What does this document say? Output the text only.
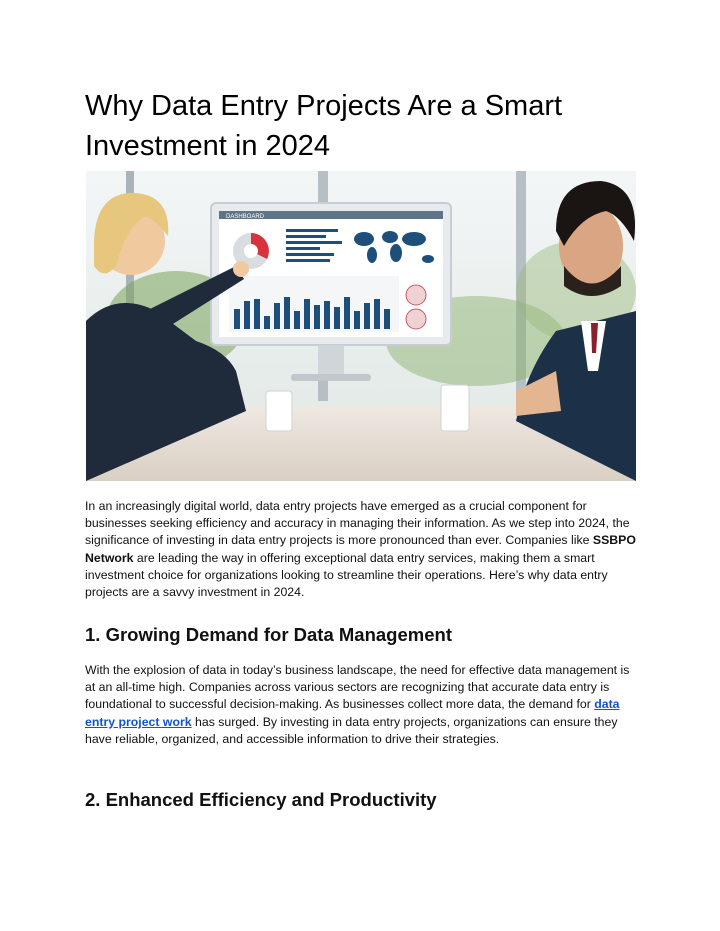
Why Data Entry Projects Are a Smart Investment in 2024
DASHBOARD

In an increasingly digital world, data entry projects have emerged as a crucial component for businesses seeking efficiency and accuracy in managing their information. As we step into 2024, the significance of investing in data entry projects is more pronounced than ever. Companies like SSBPO Network are leading the way in offering exceptional data entry services, making them a smart investment choice for organizations looking to streamline their operations. Here’s why data entry projects are a savvy investment in 2024.

1. Growing Demand for Data Management

With the explosion of data in today’s business landscape, the need for effective data management is at an all-time high. Companies across various sectors are recognizing that accurate data entry is foundational to successful decision-making. As businesses collect more data, the demand for data entry project work has surged. By investing in data entry projects, organizations can ensure they have reliable, organized, and accessible information to drive their strategies.

2. Enhanced Efficiency and Productivity
